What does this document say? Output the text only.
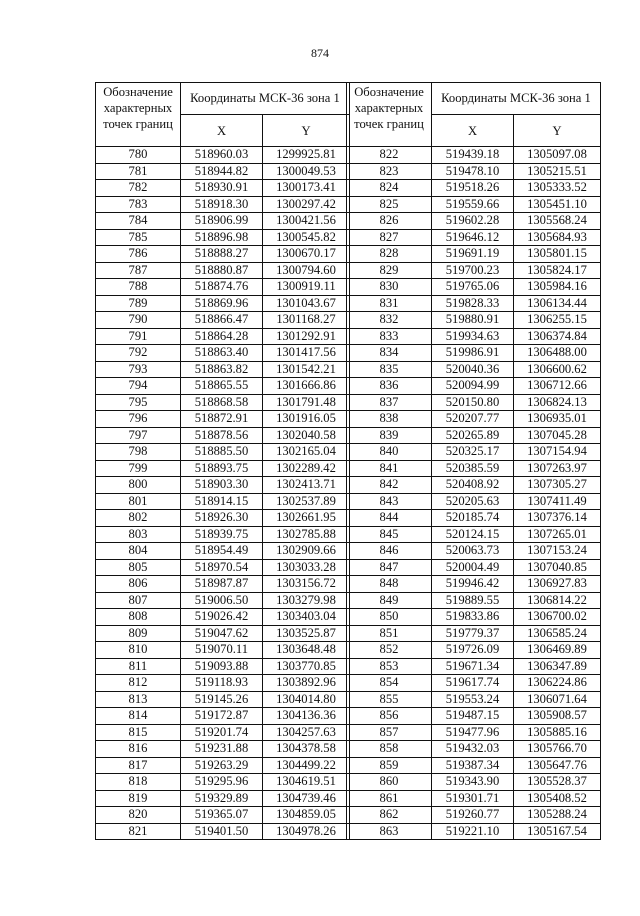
874
Обозначение характерных точек границ	Координаты МСК-36 зона 1	
	X	Y
780	518960.03	1299925.81
781	518944.82	1300049.53
782	518930.91	1300173.41
783	518918.30	1300297.42
784	518906.99	1300421.56
785	518896.98	1300545.82
786	518888.27	1300670.17
787	518880.87	1300794.60
788	518874.76	1300919.11
789	518869.96	1301043.67
790	518866.47	1301168.27
791	518864.28	1301292.91
792	518863.40	1301417.56
793	518863.82	1301542.21
794	518865.55	1301666.86
795	518868.58	1301791.48
796	518872.91	1301916.05
797	518878.56	1302040.58
798	518885.50	1302165.04
799	518893.75	1302289.42
800	518903.30	1302413.71
801	518914.15	1302537.89
802	518926.30	1302661.95
803	518939.75	1302785.88
804	518954.49	1302909.66
805	518970.54	1303033.28
806	518987.87	1303156.72
807	519006.50	1303279.98
808	519026.42	1303403.04
809	519047.62	1303525.87
810	519070.11	1303648.48
811	519093.88	1303770.85
812	519118.93	1303892.96
813	519145.26	1304014.80
814	519172.87	1304136.36
815	519201.74	1304257.63
816	519231.88	1304378.58
817	519263.29	1304499.22
818	519295.96	1304619.51
819	519329.89	1304739.46
820	519365.07	1304859.05
821	519401.50	1304978.26
Обозначение характерных точек границ	Координаты МСК-36 зона 1	
	X	Y
822	519439.18	1305097.08
823	519478.10	1305215.51
824	519518.26	1305333.52
825	519559.66	1305451.10
826	519602.28	1305568.24
827	519646.12	1305684.93
828	519691.19	1305801.15
829	519700.23	1305824.17
830	519765.06	1305984.16
831	519828.33	1306134.44
832	519880.91	1306255.15
833	519934.63	1306374.84
834	519986.91	1306488.00
835	520040.36	1306600.62
836	520094.99	1306712.66
837	520150.80	1306824.13
838	520207.77	1306935.01
839	520265.89	1307045.28
840	520325.17	1307154.94
841	520385.59	1307263.97
842	520408.92	1307305.27
843	520205.63	1307411.49
844	520185.74	1307376.14
845	520124.15	1307265.01
846	520063.73	1307153.24
847	520004.49	1307040.85
848	519946.42	1306927.83
849	519889.55	1306814.22
850	519833.86	1306700.02
851	519779.37	1306585.24
852	519726.09	1306469.89
853	519671.34	1306347.89
854	519617.74	1306224.86
855	519553.24	1306071.64
856	519487.15	1305908.57
857	519477.96	1305885.16
858	519432.03	1305766.70
859	519387.34	1305647.76
860	519343.90	1305528.37
861	519301.71	1305408.52
862	519260.77	1305288.24
863	519221.10	1305167.54
